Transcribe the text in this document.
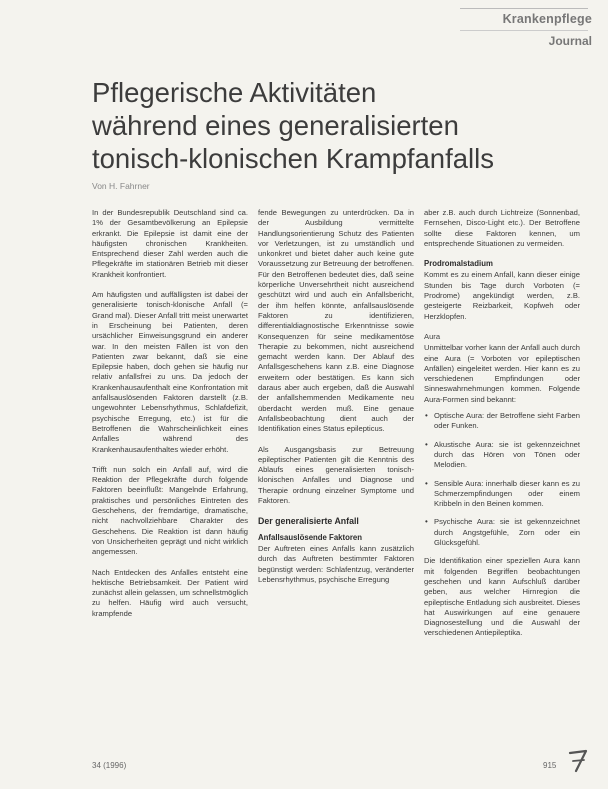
Krankenpflege
Journal
Pflegerische Aktivitäten
während eines generalisierten
tonisch-klonischen Krampfanfalls
Von H. Fahrner

In der Bundesrepublik Deutschland sind ca. 1% der Gesamtbevölkerung an Epilepsie erkrankt. Die Epilepsie ist damit eine der häufigsten chronischen Krankheiten. Entsprechend dieser Zahl werden auch die Pflegekräfte im stationären Betrieb mit dieser Krankheit konfrontiert.

Am häufigsten und auffälligsten ist dabei der generalisierte tonisch-klonische Anfall (= Grand mal). Dieser Anfall tritt meist unerwartet in Erscheinung bei Patienten, deren ursächlicher Einweisungsgrund ein anderer war. In den meisten Fällen ist von den Patienten zwar bekannt, daß sie eine Epilepsie haben, doch gehen sie häufig nur relativ anfallsfrei zu uns. Da jedoch der Krankenhausaufenthalt eine Konfrontation mit anfallsauslösenden Faktoren darstellt (z.B. ungewohnter Lebensrhythmus, Schlafdefizit, psychische Erregung, etc.) ist für die Betroffenen die Wahrscheinlichkeit eines Anfalles während des Krankenhausaufenthaltes wieder erhöht.

Trifft nun solch ein Anfall auf, wird die Reaktion der Pflegekräfte durch folgende Faktoren beeinflußt: Mangelnde Erfahrung, praktisches und persönliches Eintreten des Geschehens, der fremdartige, dramatische, nicht nachvollziehbare Charakter des Geschehens. Die Reaktion ist dann häufig von Unsicherheiten geprägt und nicht wirklich angemessen.

Nach Entdecken des Anfalles entsteht eine hektische Betriebsamkeit. Der Patient wird zunächst allein gelassen, um schnellstmöglich zu helfen. Häufig wird auch versucht, krampfende

fende Bewegungen zu unterdrücken. Da in der Ausbildung vermittelte Handlungsorientierung Schutz des Patienten vor Verletzungen, ist zu umständlich und unkonkret und bietet daher auch keine gute Voraussetzung zur Betreuung der betroffenen. Für den Betroffenen bedeutet dies, daß seine körperliche Unversehrtheit nicht ausreichend geschützt wird und auch ein Anfallsbericht, der ihm helfen könnte, anfallsauslösende Faktoren zu identifizieren, differentialdiagnostische Erkenntnisse sowie Konsequenzen für seine medikamentöse Therapie zu bekommen, nicht ausreichend gemacht werden kann. Der Ablauf des Anfallsgeschehens kann z.B. eine Diagnose erweitern oder bestätigen. Es kann sich daraus aber auch ergeben, daß die Auswahl der anfallshemmenden Medikamente neu überdacht werden muß. Eine genaue Anfallsbeobachtung dient auch der Identifikation eines Status epilepticus.

Als Ausgangsbasis zur Betreuung epileptischer Patienten gilt die Kenntnis des Ablaufs eines generalisierten tonisch-klonischen Anfalles und Diagnose und Therapie ordnung einzelner Symptome und Faktoren.

Der generalisierte Anfall
Anfallsauslösende Faktoren

Der Auftreten eines Anfalls kann zusätzlich durch das Auftreten bestimmter Faktoren begünstigt werden: Schlafentzug, veränderter Lebensrhythmus, psychische Erregung

aber z.B. auch durch Lichtreize (Sonnenbad, Fernsehen, Disco-Light etc.). Der Betroffene sollte diese Faktoren kennen, um entsprechende Situationen zu vermeiden.

Prodromalstadium

Kommt es zu einem Anfall, kann dieser einige Stunden bis Tage durch Vorboten (= Prodrome) angekündigt werden, z.B. gesteigerte Reizbarkeit, Kopfweh oder Herzklopfen.

Aura

Unmittelbar vorher kann der Anfall auch durch eine Aura (= Vorboten vor epileptischen Anfällen) eingeleitet werden. Hier kann es zu verschiedenen Empfindungen oder Sinneswahrnehmungen kommen. Folgende Aura-Formen sind bekannt:

• Optische Aura: der Betroffene sieht Farben oder Funken.
• Akustische Aura: sie ist gekennzeichnet durch das Hören von Tönen oder Melodien.
• Sensible Aura: innerhalb dieser kann es zu Schmerzempfindungen oder einem Kribbeln in den Beinen kommen.
• Psychische Aura: sie ist gekennzeichnet durch Angstgefühle, Zorn oder ein Glücksgefühl.

Die Identifikation einer speziellen Aura kann mit folgenden Begriffen beobachtungen geschehen und kann Aufschluß darüber geben, aus welcher Hirnregion die epileptische Entladung sich ausbreitet. Dieses hat Auswirkungen auf eine genauere Diagnosestellung und die Auswahl der verschiedenen Antiepileptika.

34 (1996)	915
